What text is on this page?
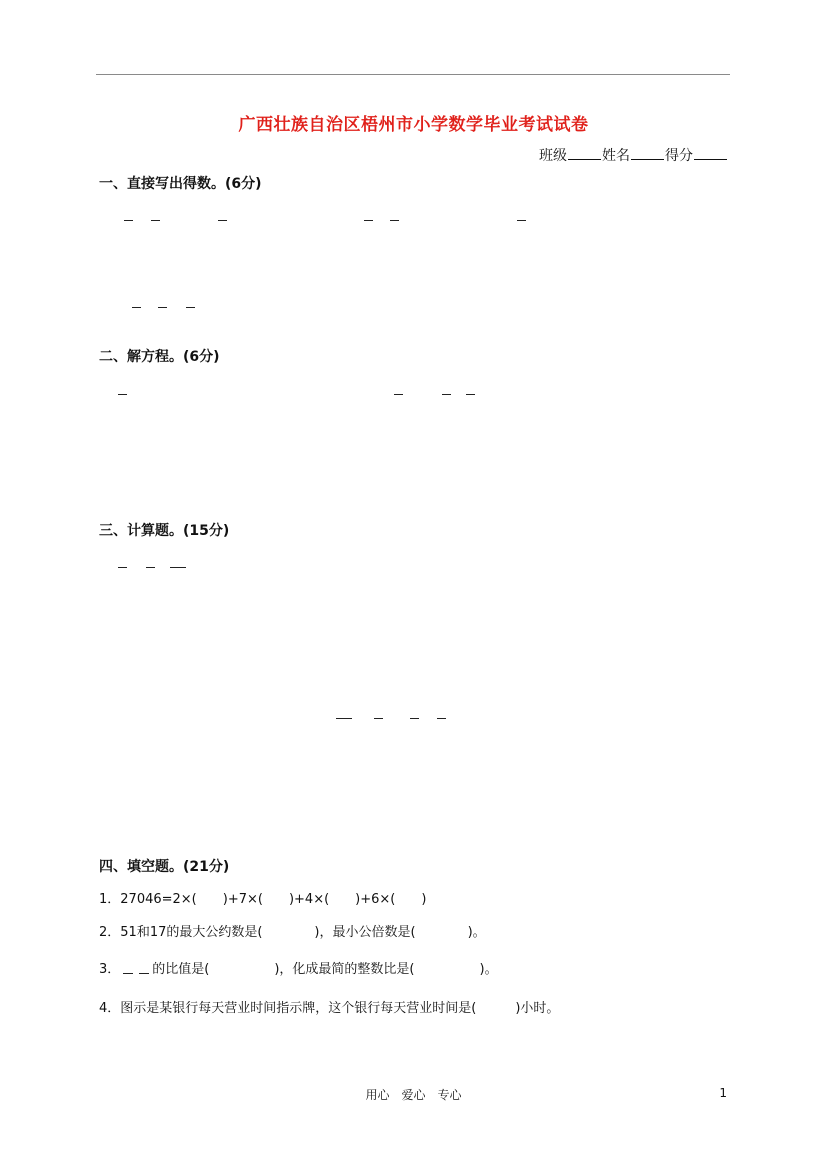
广西壮族自治区梧州市小学数学毕业考试试卷
班级	姓名	得分
一、直接写出得数。(6分)
二、解方程。(6分)
三、计算题。(15分)
四、填空题。(21分)
1．27046=2×(　　)+7×(　　)+4×(　　)+6×(　　)
2．51和17的最大公约数是(　　　　)，最小公倍数是(　　　　)。
3． 的比值是(　　　　　)，化成最简的整数比是(　　　　　)。
4．图示是某银行每天营业时间指示牌，这个银行每天营业时间是(　　　)小时。
用心　爱心　专心	1
